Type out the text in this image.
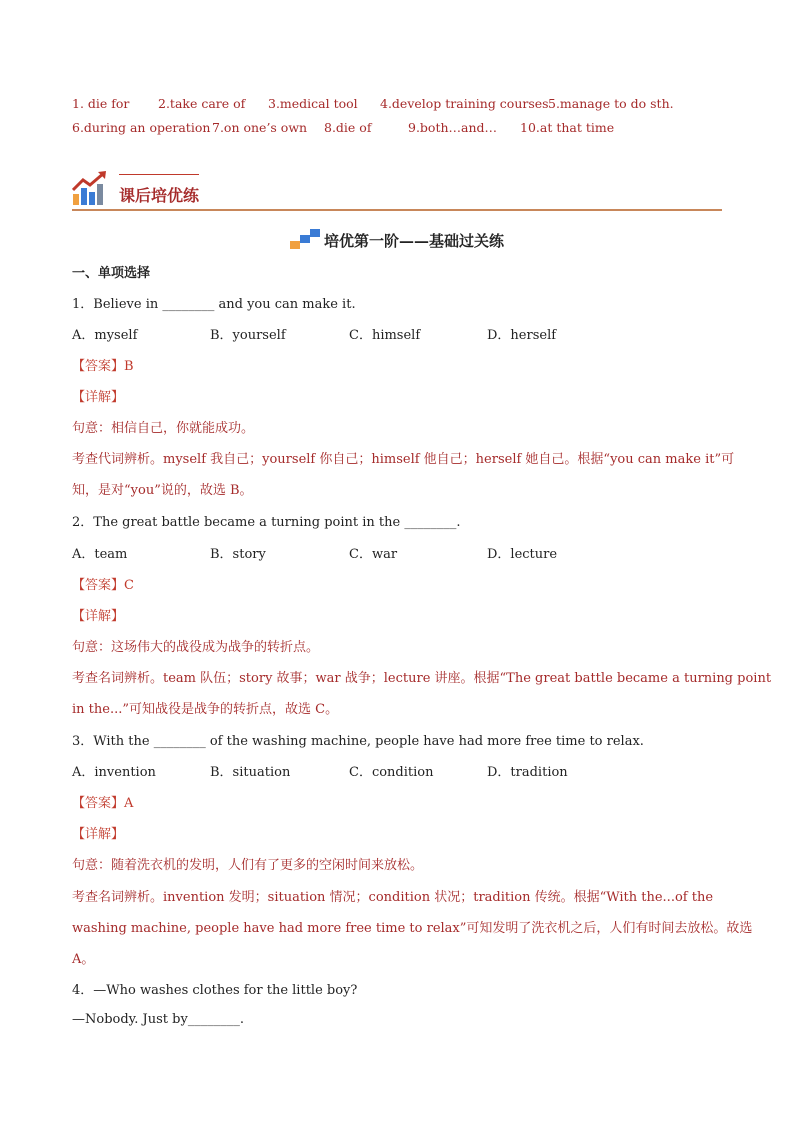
1. die for 2.take care of 3.medical tool 4.develop training courses 5.manage to do sth.
6.during an operation 7.on one’s own 8.die of	9.both…and… 10.at that time
课后培优练
培优第一阶——基础过关练
一、单项选择
1．Believe in ________ and you can make it.
A．myself	B．yourself	C．himself	D．herself
【答案】B
【详解】
句意：相信自己，你就能成功。
考查代词辨析。myself 我自己；yourself 你自己；himself 他自己；herself 她自己。根据“you can make it”可
知，是对“you”说的，故选 B。
2．The great battle became a turning point in the ________.
A．team	B．story	C．war	D．lecture
【答案】C
【详解】
句意：这场伟大的战役成为战争的转折点。
考查名词辨析。team 队伍；story 故事；war 战争；lecture 讲座。根据“The great battle became a turning point
in the...”可知战役是战争的转折点，故选 C。
3．With the ________ of the washing machine, people have had more free time to relax.
A．invention	B．situation	C．condition	D．tradition
【答案】A
【详解】
句意：随着洗衣机的发明，人们有了更多的空闲时间来放松。
考查名词辨析。invention 发明；situation 情况；condition 状况；tradition 传统。根据“With the...of the
washing machine, people have had more free time to relax”可知发明了洗衣机之后，人们有时间去放松。故选
A。
4．—Who washes clothes for the little boy?
—Nobody. Just by________.
